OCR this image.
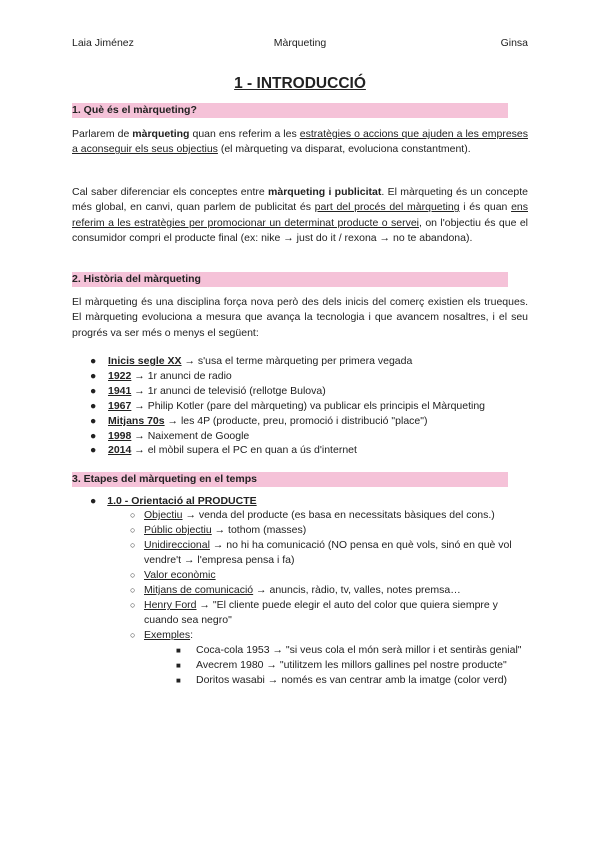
Laia Jiménez	Màrqueting	Ginsa
1 - INTRODUCCIÓ
1. Què és el màrqueting?

Parlarem de màrqueting quan ens referim a les estratègies o accions que ajuden a les empreses a aconseguir els seus objectius (el màrqueting va disparat, evoluciona constantment).

Cal saber diferenciar els conceptes entre màrqueting i publicitat. El màrqueting és un concepte més global, en canvi, quan parlem de publicitat és part del procés del màrqueting i és quan ens referim a les estratègies per promocionar un determinat producte o servei, on l'objectiu és que el consumidor compri el producte final (ex: nike → just do it / rexona → no te abandona).

2. Història del màrqueting

El màrqueting és una disciplina força nova però des dels inicis del comerç existien els trueques. El màrqueting evoluciona a mesura que avança la tecnologia i que avancem nosaltres, i el seu progrés va ser més o menys el següent:

● Inicis segle XX → s'usa el terme màrqueting per primera vegada
● 1922 → 1r anunci de radio
● 1941 → 1r anunci de televisió (rellotge Bulova)
● 1967 → Philip Kotler (pare del màrqueting) va publicar els principis el Màrqueting
● Mitjans 70s → les 4P (producte, preu, promoció i distribució "place")
● 1998 → Naixement de Google
● 2014 → el mòbil supera el PC en quan a ús d'internet
3. Etapes del màrqueting en el temps
● 1.0 - Orientació al PRODUCTE
○ Objectiu → venda del producte (es basa en necessitats bàsiques del cons.)
○ Públic objectiu → tothom (masses)
○ Unidireccional → no hi ha comunicació (NO pensa en què vols, sinó en què vol vendre't → l'empresa pensa i fa)
○ Valor econòmic
○ Mitjans de comunicació → anuncis, ràdio, tv, valles, notes premsa…
○ Henry Ford → "El cliente puede elegir el auto del color que quiera siempre y cuando sea negro"
○ Exemples:
■ Coca-cola 1953 → "si veus cola el món serà millor i et sentiràs genial"
■ Avecrem 1980 → "utilitzem les millors gallines pel nostre producte"
■ Doritos wasabi → només es van centrar amb la imatge (color verd)
